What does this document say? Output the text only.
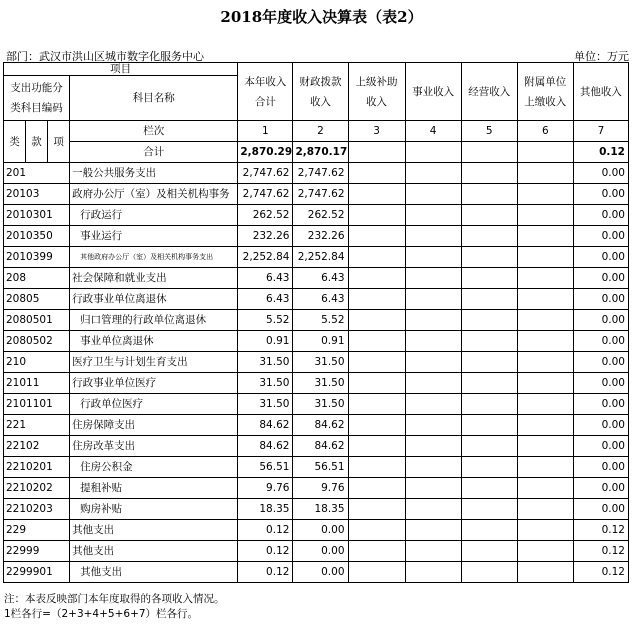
2018年度收入决算表（表2）
部门：武汉市洪山区城市数字化服务中心	单位：万元
项目				本年收入合计	财政拨款收入	上级补助收入	事业收入	经营收入	附属单位上缴收入	其他收入
支出功能分类科目编码			科目名称							

类	款	项	栏次	1	2	3	4	5	6	7
			合计	2,870.29	2,870.17					0.12
201			一般公共服务支出	2,747.62	2,747.62					0.00
20103			政府办公厅（室）及相关机构事务	2,747.62	2,747.62					0.00
2010301			行政运行	262.52	262.52					0.00
2010350			事业运行	232.26	232.26					0.00
2010399			其他政府办公厅（室）及相关机构事务支出	2,252.84	2,252.84					0.00
208			社会保障和就业支出	6.43	6.43					0.00
20805			行政事业单位离退休	6.43	6.43					0.00
2080501			归口管理的行政单位离退休	5.52	5.52					0.00
2080502			事业单位离退休	0.91	0.91					0.00
210			医疗卫生与计划生育支出	31.50	31.50					0.00
21011			行政事业单位医疗	31.50	31.50					0.00
2101101			行政单位医疗	31.50	31.50					0.00
221			住房保障支出	84.62	84.62					0.00
22102			住房改革支出	84.62	84.62					0.00
2210201			住房公积金	56.51	56.51					0.00
2210202			提租补贴	9.76	9.76					0.00
2210203			购房补贴	18.35	18.35					0.00
229			其他支出	0.12	0.00					0.12
22999			其他支出	0.12	0.00					0.12
2299901			其他支出	0.12	0.00					0.12
注：本表反映部门本年度取得的各项收入情况。
1栏各行=（2+3+4+5+6+7）栏各行。
